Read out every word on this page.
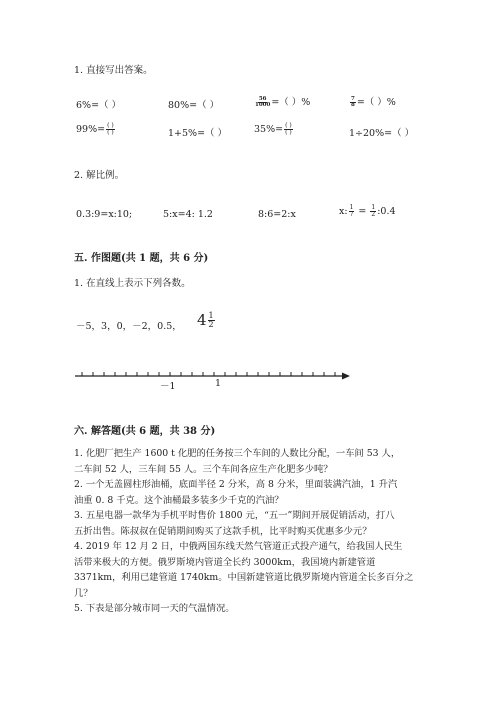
1. 直接写出答案。
6%=（ ）	80%=（ ）	$\frac{56}{1000}$ =（ ）%	$\frac{7}{8}$ =（ ）%
$99\%= \frac{( )}{( )}$	1+5%=（ ）	$35\%= \frac{( )}{( )}$	1÷20%=（ ）
2. 解比例。
0.3:9=x:10;	5:x=4: 1.2	8:6=2:x	x: $\frac{1}{7} = \frac{1}{2}$ :0.4
五. 作图题(共 1 题，共 6 分)
1. 在直线上表示下列各数。
－5，3，0，－2，0.5， $4 \frac{1}{2}$
－1	1
六. 解答题(共 6 题，共 38 分)
1. 化肥厂把生产 1600 t 化肥的任务按三个车间的人数比分配，一车间 53 人，
二车间 52 人，三车间 55 人。三个车间各应生产化肥多少吨？
2. 一个无盖圆柱形油桶，底面半径 2 分米，高 8 分米，里面装满汽油，1 升汽
油重 0. 8 千克。这个油桶最多装多少千克的汽油？
3. 五星电器一款华为手机平时售价 1800 元，“五一”期间开展促销活动，打八
五折出售。陈叔叔在促销期间购买了这款手机，比平时购买优惠多少元？
4. 2019 年 12 月 2 日，中俄两国东线天然气管道正式投产通气，给我国人民生
活带来极大的方便。俄罗斯境内管道全长约 3000km，我国境内新建管道
3371km，利用已建管道 1740km。中国新建管道比俄罗斯境内管道全长多百分之
几？
5. 下表是部分城市同一天的气温情况。
